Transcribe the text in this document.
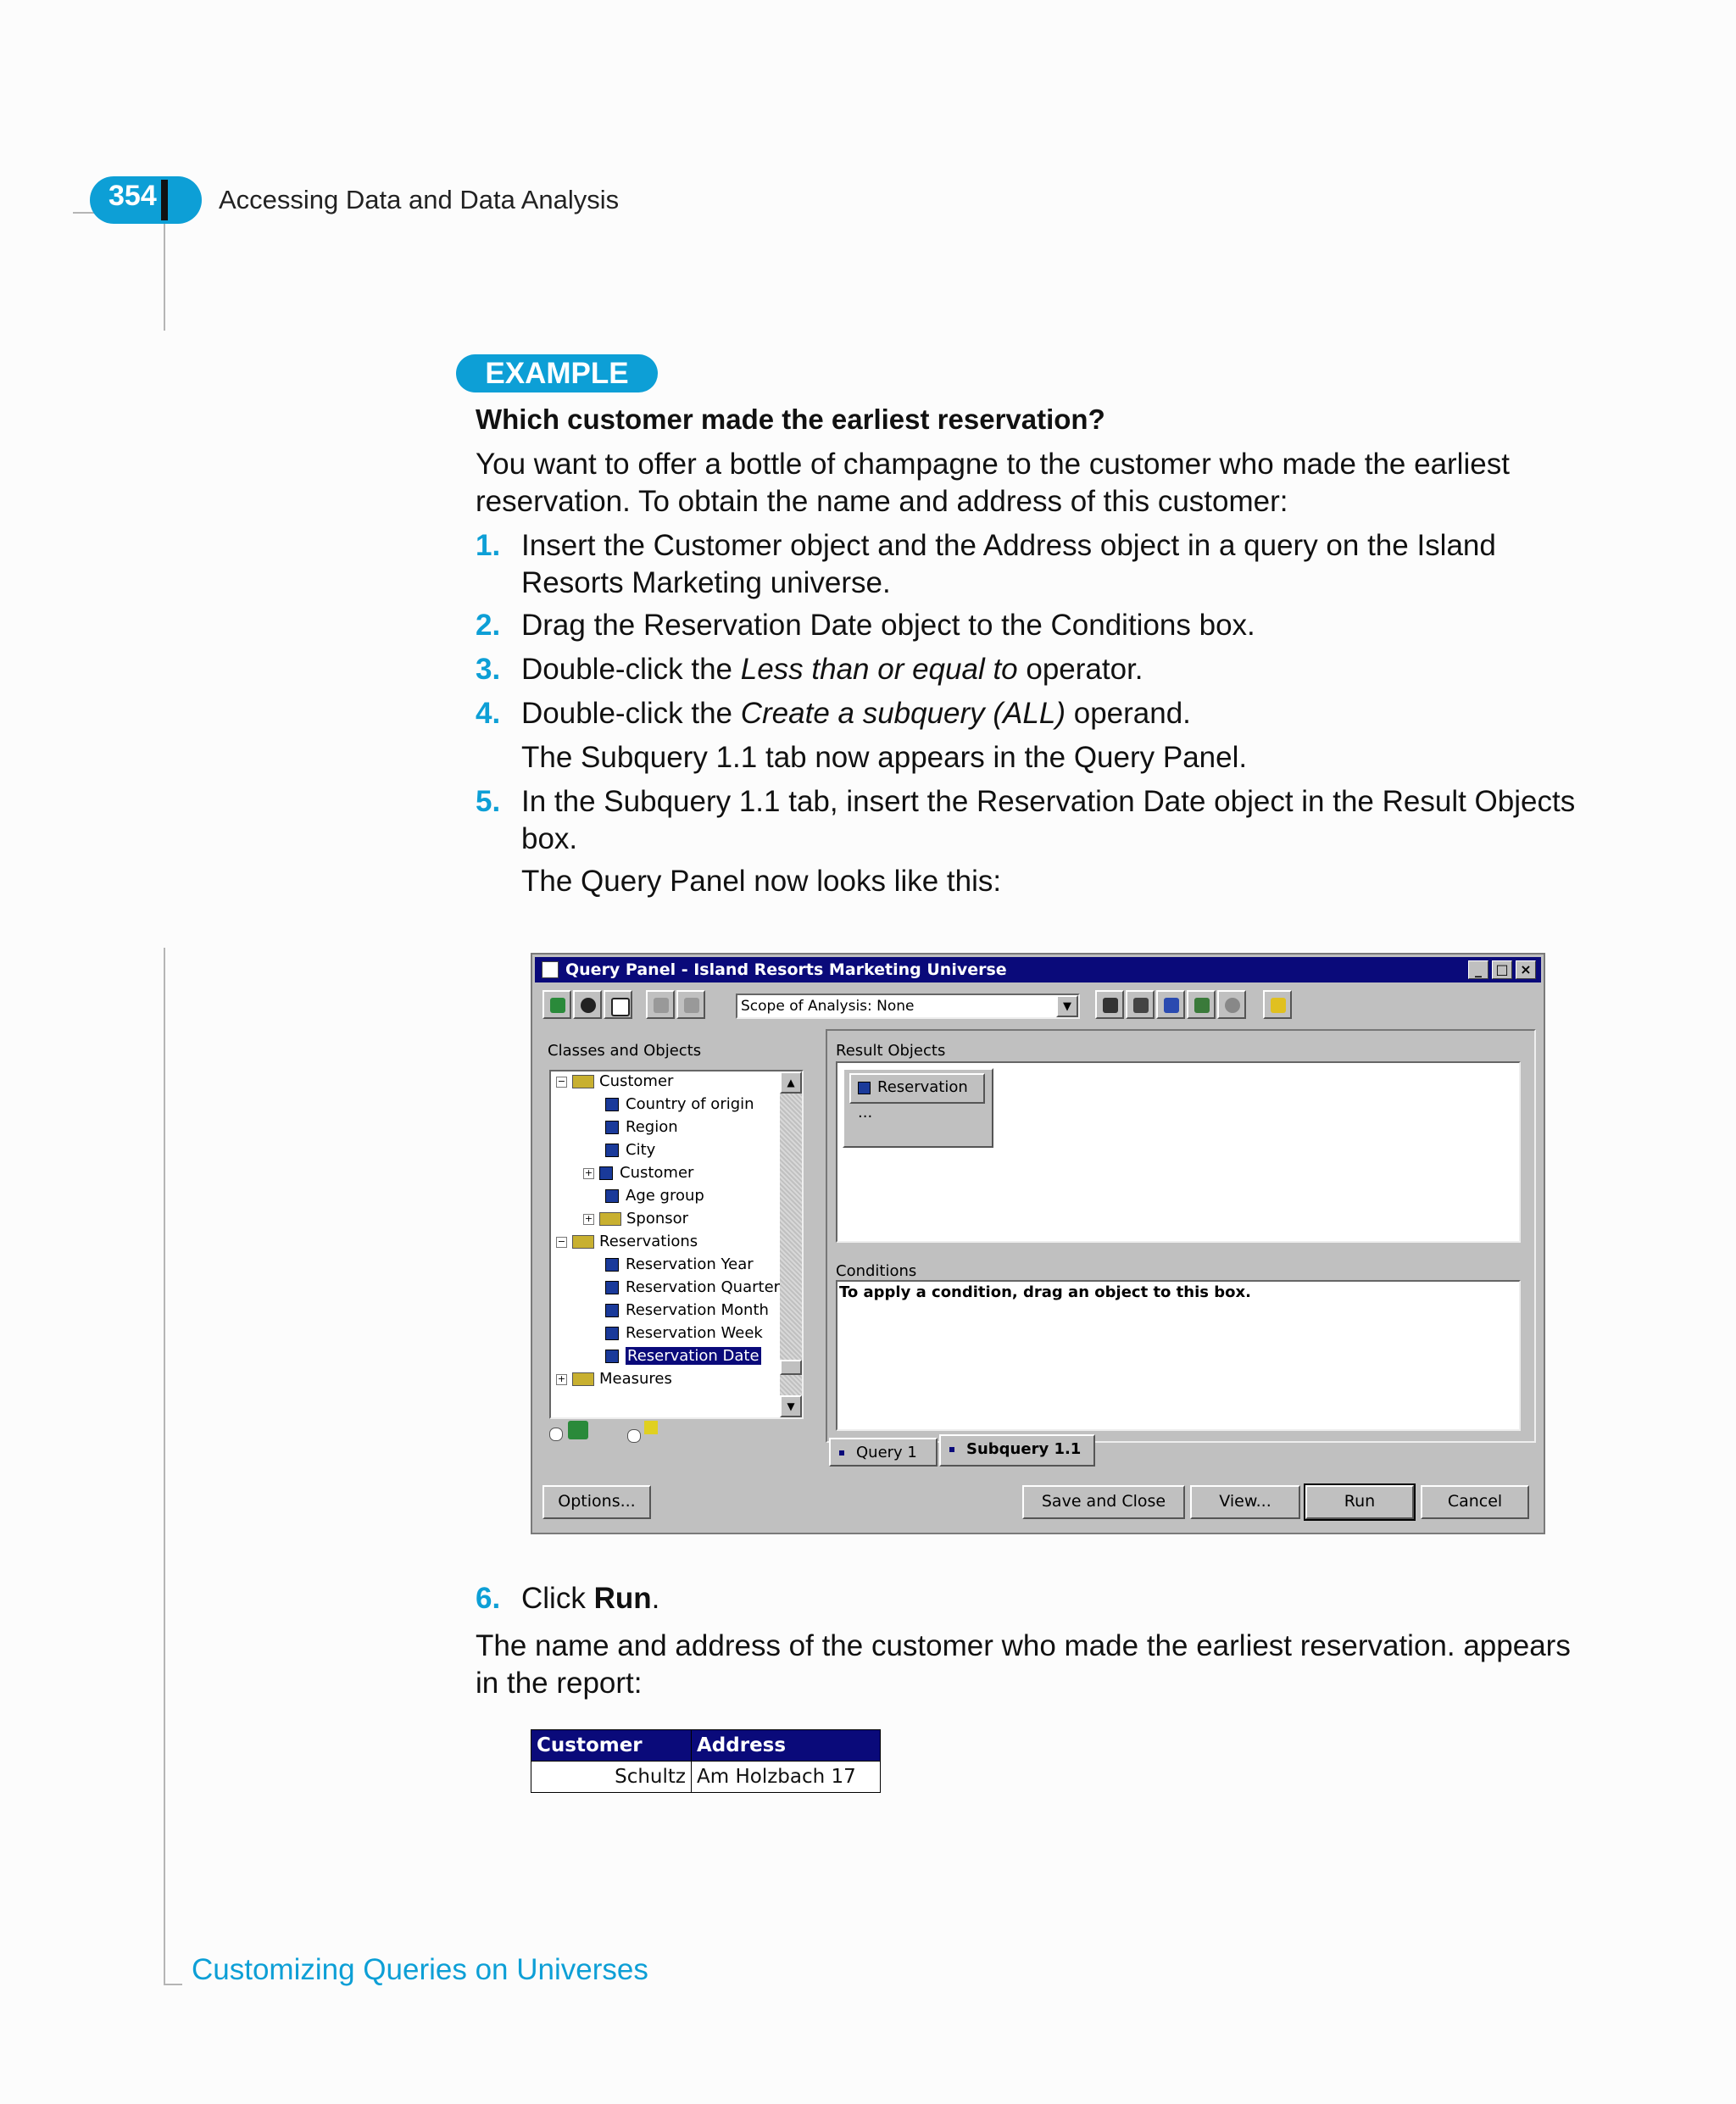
354 Accessing Data and Data Analysis
EXAMPLE
Which customer made the earliest reservation?
You want to offer a bottle of champagne to the customer who made the earliest reservation. To obtain the name and address of this customer:
1. Insert the Customer object and the Address object in a query on the Island Resorts Marketing universe.
2. Drag the Reservation Date object to the Conditions box.
3. Double-click the Less than or equal to operator.
4. Double-click the Create a subquery (ALL) operand.
The Subquery 1.1 tab now appears in the Query Panel.
5. In the Subquery 1.1 tab, insert the Reservation Date object in the Result Objects box.
The Query Panel now looks like this:
Query Panel - Island Resorts Marketing Universe	_	□ ×
Scope of Analysis: None	▼
Classes and Objects
− Customer
Country of origin
Region
City
+ Customer
Age group
+ Sponsor
− Reservations
Reservation Year
Reservation Quarter
Reservation Month
Reservation Week
Reservation Date
+ Measures
▲
▼
Result Objects
Reservation ...
Conditions
To apply a condition, drag an object to this box.
Query 1	Subquery 1.1
Options...	Save and Close	View...	Run	Cancel
6. Click Run.
The name and address of the customer who made the earliest reservation. appears in the report:
Customer	Address
Schultz	Am Holzbach 17
Customizing Queries on Universes
